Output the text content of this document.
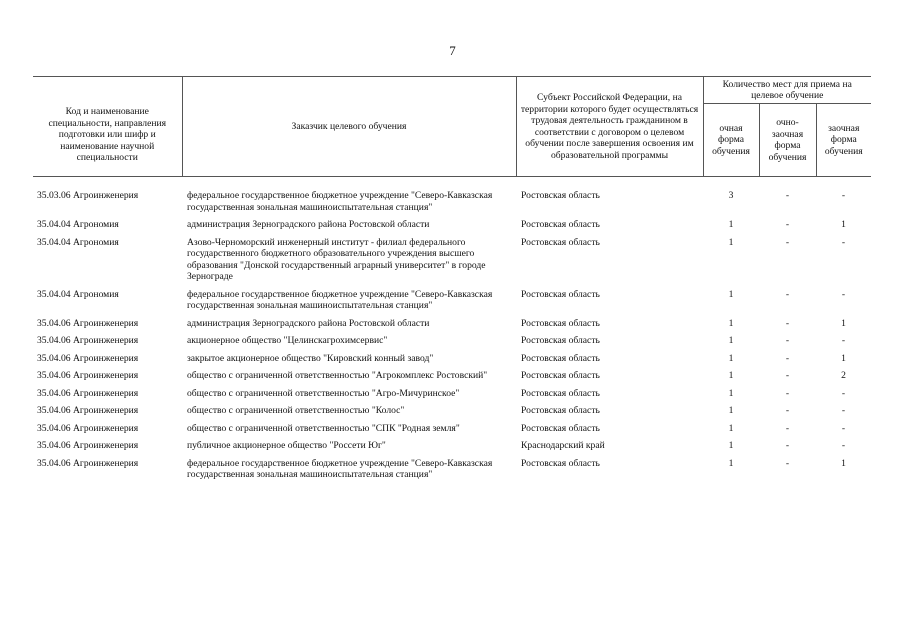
7
Код и наименование специальности, направления подготовки или шифр и наименование научной специальности	Заказчик целевого обучения	Субъект Российской Федерации, на территории которого будет осуществляться трудовая деятельность гражданином в соответствии с договором о целевом обучении после завершения освоения им образовательной программы	Количество мест для приема на целевое обучение		
			очная форма обучения	очно-заочная форма обучения	заочная форма обучения

35.03.06 Агроинженерия	федеральное государственное бюджетное учреждение "Северо-Кавказская государственная зональная машиноиспытательная станция"	Ростовская область	3	-	-
35.04.04 Агрономия	администрация Зерноградского района Ростовской области	Ростовская область	1	-	1
35.04.04 Агрономия	Азово-Черноморский инженерный институт - филиал федерального государственного бюджетного образовательного учреждения высшего образования "Донской государственный аграрный университет" в городе Зернограде	Ростовская область	1	-	-
35.04.04 Агрономия	федеральное государственное бюджетное учреждение "Северо-Кавказская государственная зональная машиноиспытательная станция"	Ростовская область	1	-	-
35.04.06 Агроинженерия	администрация Зерноградского района Ростовской области	Ростовская область	1	-	1
35.04.06 Агроинженерия	акционерное общество "Целинскагрохимсервис"	Ростовская область	1	-	-
35.04.06 Агроинженерия	закрытое акционерное общество "Кировский конный завод"	Ростовская область	1	-	1
35.04.06 Агроинженерия	общество с ограниченной ответственностью "Агрокомплекс Ростовский"	Ростовская область	1	-	2
35.04.06 Агроинженерия	общество с ограниченной ответственностью "Агро-Мичуринское"	Ростовская область	1	-	-
35.04.06 Агроинженерия	общество с ограниченной ответственностью "Колос"	Ростовская область	1	-	-
35.04.06 Агроинженерия	общество с ограниченной ответственностью "СПК "Родная земля"	Ростовская область	1	-	-
35.04.06 Агроинженерия	публичное акционерное общество "Россети Юг"	Краснодарский край	1	-	-
35.04.06 Агроинженерия	федеральное государственное бюджетное учреждение "Северо-Кавказская государственная зональная машиноиспытательная станция"	Ростовская область	1	-	1
